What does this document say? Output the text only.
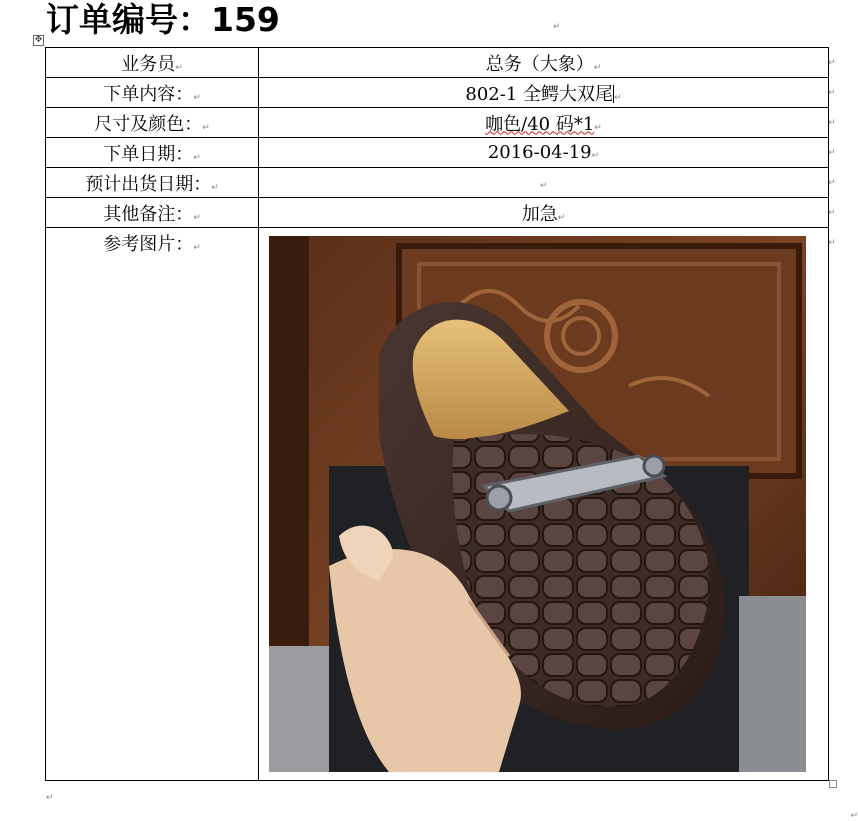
订单编号：159	↵
✥
业务员↵	总务（大象）↵
下单内容：↵	802-1 全鳄大双尾↵
尺寸及颜色：↵	咖色/40 码*1↵
下单日期：↵	2016-04-19↵
预计出货日期：↵	↵
其他备注：↵	加急↵
参考图片：↵	↵
↵
↵
↵
↵
↵
↵
↵
↵
